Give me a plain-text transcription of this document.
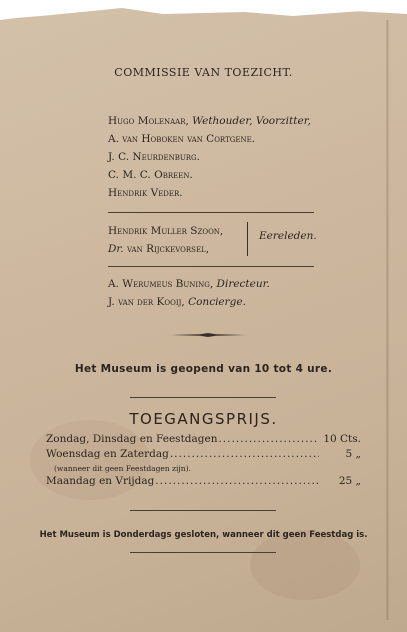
COMMISSIE VAN TOEZICHT.
Hugo Molenaar, Wethouder, Voorzitter,
A. van Hoboken van Cortgene.
J. C. Neurdenburg.
C. M. C. Obreen.
Hendrik Veder.
Hendrik Muller Szoon,
Dr. van Rijckevorsel,
Eereleden.
A. Werumeus Buning, Directeur.
J. van der Kooij, Concierge.
Het Museum is geopend van 10 tot 4 ure.
TOEGANGSPRIJS.
Zondag, Dinsdag en Feestdagen .....	10 Cts.
Woensdag en Zaterdag .....	5 „
(wanneer dit geen Feestdagen zijn).
Maandag en Vrijdag .....	25 „
Het Museum is Donderdags gesloten, wanneer dit geen Feestdag is.
